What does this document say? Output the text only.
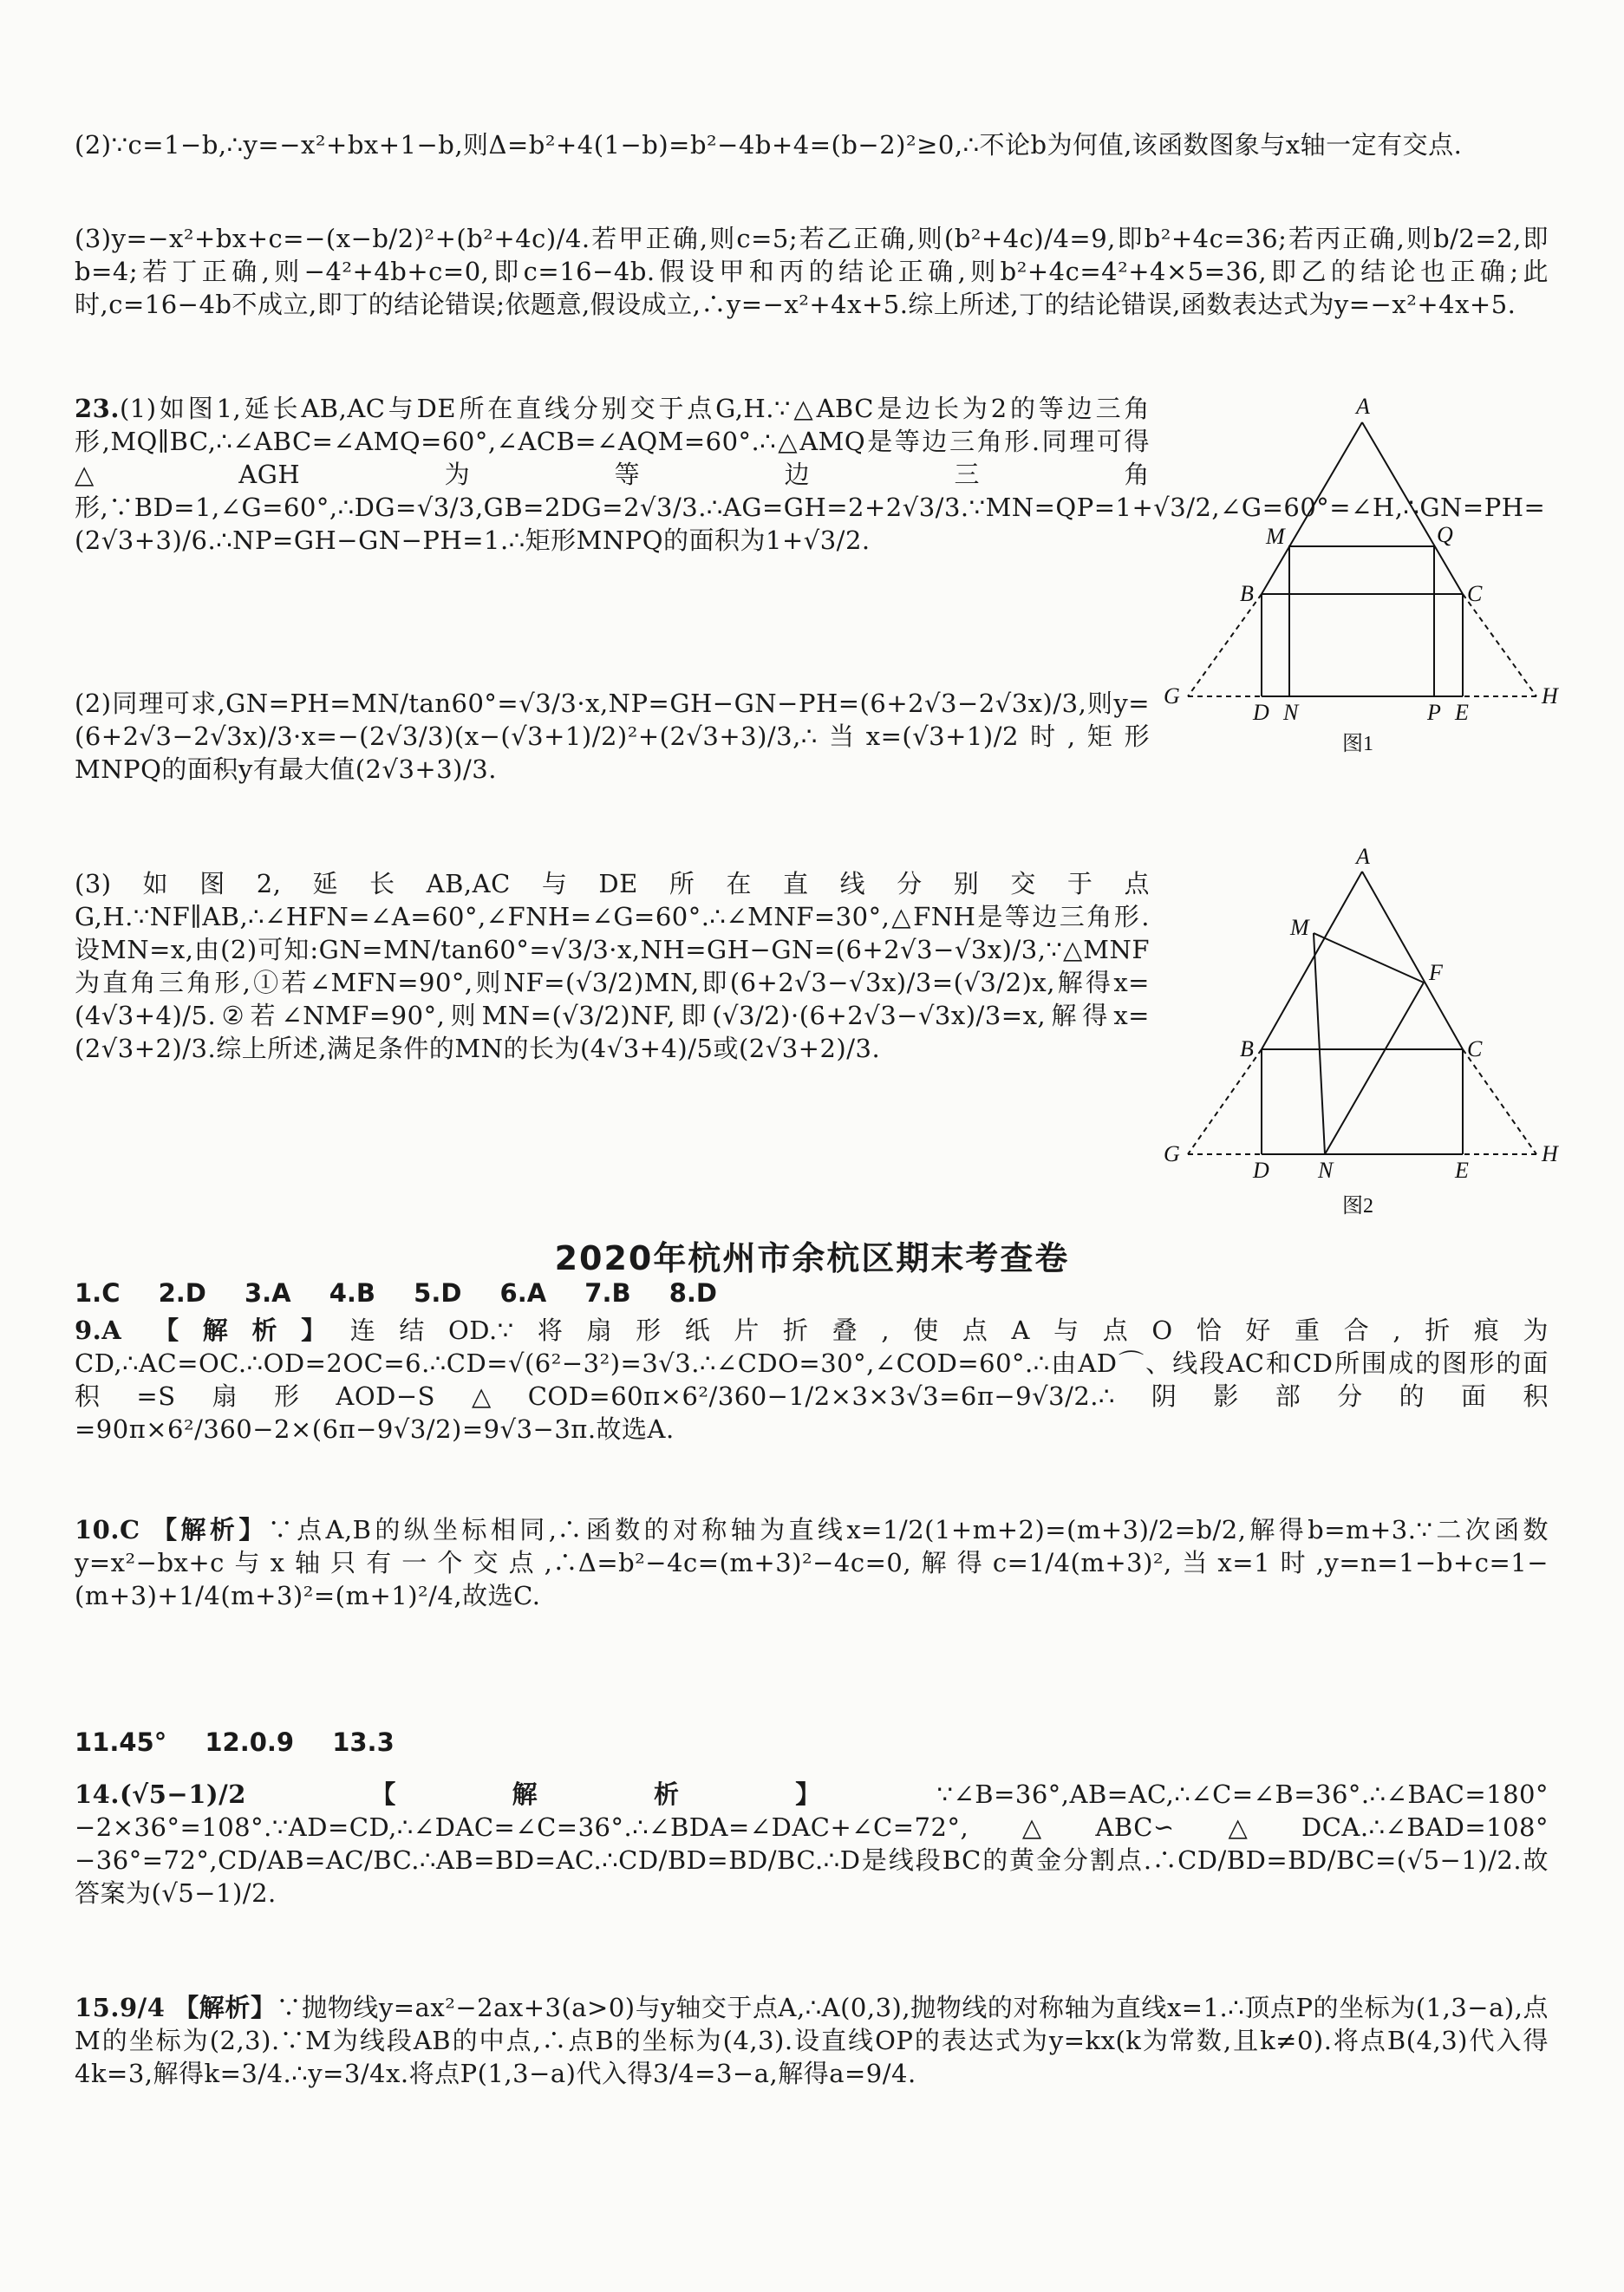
(2)∵c=1−b,∴y=−x²+bx+1−b,则Δ=b²+4(1−b)=b²−4b+4=(b−2)²≥0,∴不论b为何值,该函数图象与x轴一定有交点.
(3)y=−x²+bx+c=−(x−b/2)²+(b²+4c)/4.若甲正确,则c=5;若乙正确,则(b²+4c)/4=9,即b²+4c=36;若丙正确,则b/2=2,即b=4;若丁正确,则−4²+4b+c=0,即c=16−4b.假设甲和丙的结论正确,则b²+4c=4²+4×5=36,即乙的结论也正确;此时,c=16−4b不成立,即丁的结论错误;依题意,假设成立,∴y=−x²+4x+5.综上所述,丁的结论错误,函数表达式为y=−x²+4x+5.
23.(1)如图1,延长AB,AC与DE所在直线分别交于点G,H.∵△ABC是边长为2的等边三角形,MQ∥BC,∴∠ABC=∠AMQ=60°,∠ACB=∠AQM=60°.∴△AMQ是等边三角形.同理可得△AGH为等边三角形,∵BD=1,∠G=60°,∴DG=√3/3,GB=2DG=2√3/3.∴AG=GH=2+2√3/3.∵MN=QP=1+√3/2,∠G=60°=∠H,∴GN=PH=(2√3+3)/6.∴NP=GH−GN−PH=1.∴矩形MNPQ的面积为1+√3/2.
(2)同理可求,GN=PH=MN/tan60°=√3/3·x,NP=GH−GN−PH=(6+2√3−2√3x)/3,则y=(6+2√3−2√3x)/3·x=−(2√3/3)(x−(√3+1)/2)²+(2√3+3)/3,∴当x=(√3+1)/2时,矩形MNPQ的面积y有最大值(2√3+3)/3.
(3)如图2,延长AB,AC与DE所在直线分别交于点G,H.∵NF∥AB,∴∠HFN=∠A=60°,∠FNH=∠G=60°.∴∠MNF=30°,△FNH是等边三角形.设MN=x,由(2)可知:GN=MN/tan60°=√3/3·x,NH=GH−GN=(6+2√3−√3x)/3,∵△MNF为直角三角形,①若∠MFN=90°,则NF=(√3/2)MN,即(6+2√3−√3x)/3=(√3/2)x,解得x=(4√3+4)/5.②若∠NMF=90°,则MN=(√3/2)NF,即(√3/2)·(6+2√3−√3x)/3=x,解得x=(2√3+2)/3.综上所述,满足条件的MN的长为(4√3+4)/5或(2√3+2)/3.
A
M	Q
B	C
G
D N	P E
H
图1
A
M
F
B	C
G
D N	E
H
图2
2020年杭州市余杭区期末考查卷
1.C 2.D 3.A 4.B 5.D 6.A 7.B 8.D
9.A 【解析】连结OD.∵将扇形纸片折叠,使点A与点O恰好重合,折痕为CD,∴AC=OC.∴OD=2OC=6.∴CD=√(6²−3²)=3√3.∴∠CDO=30°,∠COD=60°.∴由AD⌒、线段AC和CD所围成的图形的面积=S扇形AOD−S△COD=60π×6²/360−1/2×3×3√3=6π−9√3/2.∴阴影部分的面积=90π×6²/360−2×(6π−9√3/2)=9√3−3π.故选A.
10.C 【解析】∵点A,B的纵坐标相同,∴函数的对称轴为直线x=1/2(1+m+2)=(m+3)/2=b/2,解得b=m+3.∵二次函数y=x²−bx+c与x轴只有一个交点,∴Δ=b²−4c=(m+3)²−4c=0,解得c=1/4(m+3)²,当x=1时,y=n=1−b+c=1−(m+3)+1/4(m+3)²=(m+1)²/4,故选C.
11.45° 12.0.9 13.3
14.(√5−1)/2	【解析】∵∠B=36°,AB=AC,∴∠C=∠B=36°.∴∠BAC=180°−2×36°=108°.∵AD=CD,∴∠DAC=∠C=36°.∴∠BDA=∠DAC+∠C=72°,△ABC∽△DCA.∴∠BAD=108°−36°=72°,CD/AB=AC/BC.∴AB=BD=AC.∴CD/BD=BD/BC.∴D是线段BC的黄金分割点.∴CD/BD=BD/BC=(√5−1)/2.故答案为(√5−1)/2.
15.9/4 【解析】∵抛物线y=ax²−2ax+3(a>0)与y轴交于点A,∴A(0,3),抛物线的对称轴为直线x=1.∴顶点P的坐标为(1,3−a),点M的坐标为(2,3).∵M为线段AB的中点,∴点B的坐标为(4,3).设直线OP的表达式为y=kx(k为常数,且k≠0).将点B(4,3)代入得4k=3,解得k=3/4.∴y=3/4x.将点P(1,3−a)代入得3/4=3−a,解得a=9/4.
